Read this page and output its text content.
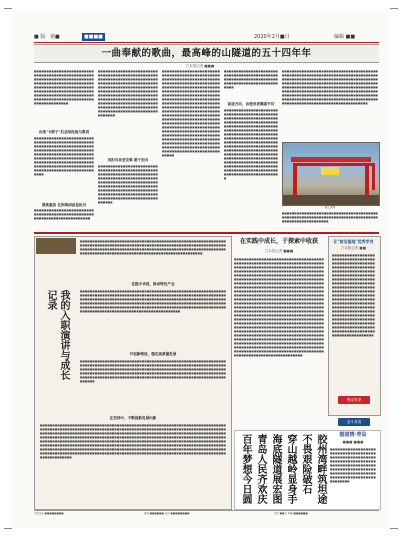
■ 版 第■	■■■■	2020年2月■日	编辑 ■■
一曲奉献的歌曲，最高峰的山隧道的五十四年年
□本报记者 ■■■
■■■■■■■■■■■■■■■■■■■■■■■■■■■■■■■■■■■■■■■■■■■■■■■■■■■■■■■■■■■■■■■■■■■■■■■■■■■■■■■■■■■■■■■■■■■■■■■■■■■■■■■■■■■■■■■■■■■■■■■■■■■■■■■■■■■■■■■■■■■■■■■■■■■■■■■■■■■■■■■■■■■■■■■■■■■■■■■■■■■■■■■■■■■■■■■■■■■■■■■■■■■■■■
出现"卡脖子"后总结经验与教训
■■■■■■■■■■■■■■■■■■■■■■■■■■■■■■■■■■■■■■■■■■■■■■■■■■■■■■■■■■■■■■■■■■■■■■■■■■■■■■■■■■■■■■■■■■■■■■■■■■■■■■■■■■■■■■■■■■■■■■■■■■■■■■■■■■■■■■■■■■■■■■■■■■■■■■■■■■■■■■■■■■■■■■■■■■■■■■■■■■■■■■■■■■■■■■■■■■■■■■■■■■■■■■■■■■■■■■■■■■■■
勇挑重担 在困难面前显担当
■■■■■■■■■■■■■■■■■■■■■■■■■■■■■■■■■■■■■■■■■■■■■■■■■■■■■■■■■■■■■■■■■■■■■■■
■■■■■■■■■■■■■■■■■■■■■■■■■■■■■■■■■■■■■■■■■■■■■■■■■■■■■■■■■■■■■■■■■■■■■■■■■■■■■■■■■■■■■■■■■■■■■■■■■■■■■■■■■■■■■■■■■■■■■■■■■■■■■■■■■■■■■■■■■■■■■■■■■■■■■■■■■■■■■■■■■■■■■■■■■■■■■■■■■■■■■■■■■■■■■■■■■■■■■■■■■■■■■■■■■■■■■■■■■■■■■■■■■■■■■■■■■■■■■■■■■■■■■■■■■■■■■■■■■■■■■■■■■■■■■■■
用担当攻坚克难 敢于担当
■■■■■■■■■■■■■■■■■■■■■■■■■■■■■■■■■■■■■■■■■■■■■■■■■■■■■■■■■■■■■■■■■■■■■■■■■■■■■■■■■■■■■■■■■■■■■■■■■■■■■■■■■■■■■■■■■■■■■■■■■■■■■■■■■■■■■■■■■■■■■■■■■■■■■■■■■■■■■■■■■■■■■■■■■■■■■■■■■■■■■■■■■■■■■■■■■■■■■■■■■■■■■■■■■■■■■■■■■■■■■■
■■■■■■■■■■■■■■■■■■■■■■■■■■■■■■■■■■■■■■■■■■■■■■■■■■■■■■■■■■■■■■■■■■■■■■■■■■■■■■■■■■■■■■■■■■■■■■■■■■■■■■■■■■■■■■■■■■■■■■■■■■■■■■■■■■■■■■■■■■■■■■■■■■■■■■■■■■■■■■■■■■■■■■■■■■■■■■■■■■■■■■■■■■■■■■■■■■■■■■■■■■■■■■■■■■■■■■■■■■■■■■■■■■■■■■■■■■■■■■■■■■■■■■■■■■■■■■■■■■■■■■■■■■■■■■■■■■■■■■■■■■■■■■■■■■■■■■■■■■■■■■■■■■■■■■■■■■■■■■■■■■■■■■■■■■■■■■■■■■■■■■■■■■■■■■■■■■■■■■■■■■■■■■■■■■■■■■■■■■■■■■■■■■■■■■■■■■■■■■■■■■■■■■■■■■■■■■■■■■■■■■■■■■■■■■■■■■■■■■■■■■■■■■■■■■■■■■■■■■■■■■■■■■■■■■■■■■■■■■■■■■■■■■■■
■■■■■■■■■■■■■■■■■■■■■■■■■■■■■■■■■■■■■■■■■■■■■■■■■■■■■■■■■■■■■■■■■■■■■■■■■■■■■■■■■■■■■■■■■■■■
前进方向，由使用者满意平均
■■■■■■■■■■■■■■■■■■■■■■■■■■■■■■■■■■■■■■■■■■■■■■■■■■■■■■■■■■■■■■■■■■■■■■■■■■■■■■■■■■■■■■■■■■■■■■■■■■■■■■■■■■■■■■■■■■■■■■■■■■■■■■■■■■■■■■■■■■■■■■■■■■■■■■■■■■■■■■■■■■■■■■■■■■■■■■■■■■■■■■■■■■■■■■■■■■■■■■■■■■■■■■■■■■■■■■■■■■■■■■■■■■■■■■■■■■■■■■■■■■■■■■■■■■■■■■■■■■■■■■■■■■■■■■■■■■■■■■■■■■■■■■■■■■■■■■■■■■■■■■■■■■■■■■■■■■■■■■■■■■■■■■■■■■■■■■■■■■■■■■■■■■■■■■■■■■■■■■■■■■■■■■■■■■■■■■■
■■■■■■■■■■■■■■■■■■■■■■■■■■■■■■■■■■■■■■■■■■■■■■■■■■■■■■■■■■■■■■■■■■■■■■■■■■■■■■■■■■■■■■■■■■■■■■■■■■■■■■■■■■■■■■■■■■■■■■■■■■■■■■■■■■■■■■■■■■■■■■■■■■■■■■■■■■■■■■■■■■■■■■■■■■■■■■■■■■■■■■■■■■■■■■■■■■■■■■■■■■■■■■■■■■■■■■■■■■■■■■■■■■■■■■■■■■■■■■■■■■■■■■■■■■■■■■■■■■■■■■■■■■■■■■■■■■■■■■■■■■■■■■■■■■■■■■■■■■■■■■■■■■■■■■■■■■■■■■■■■■■■■■■■■■■■■■■■■■■■■■■■■■■
施工现场
■■■■■■■■■■■■■■■■■■■■■■■■■■■■■■■■■■■■■■■■■■■■■■■■■■■■■■■■■■■■■■■■■■■■■■■■■■■■■■■■■■■■■■■■■■■■■■■■■
我的入职演讲与成长记录
■■■■■■■■■■■■■■■■■■■■■■■■■■■■■■■■■■■■■■■■■■■■■■■■■■■■■■■■■■■■■■■■■■■■■■■■■■■■■■■■■■■■■■■■■■■■■■■■■■■■■■■■■■■■■■■■■■■■■■■■■■■■■■■■■■■■■■■■■■■■■■■■■■■■■■■■■■■■■■■■■■■■■■■■■■■■■■■■■■■■■■■■■■■■■■■■■■■■■■■■■■■■■■■■■■■■■■■■■■■■■■■■■■■
在稳中求进，推动特色产业
■■■■■■■■■■■■■■■■■■■■■■■■■■■■■■■■■■■■■■■■■■■■■■■■■■■■■■■■■■■■■■■■■■■■■■■■■■■■■■■■■■■■■■■■■■■■■■■■■■■■■■■■■■■■■■■■■■■■■■■■■■■■■■■■■■■■■■■■■■■■■■■■■■■■■■■■■■■■■■■■■■■■■■■■■■■■■■■■■■■■■■■■■■■■■■■■■■■■■■■■■■■■■■■■■■■■■■■■■■■■■■■■■■■■■■■■■■■■■■■■■■■■■■■■■■■■■■■■■■■■■■■■■■■■■■■■■■■■■■■■■■■■■■■■■■■■■■■■■■■■■■■■■■■■■■■■■■■■■■■■■■■■■■■■■■■■■■■■
开创新格局，稳定高质量发展
■■■■■■■■■■■■■■■■■■■■■■■■■■■■■■■■■■■■■■■■■■■■■■■■■■■■■■■■■■■■■■■■■■■■■■■■■■■■■■■■■■■■■■■■■■■■■■■■■■■■■■■■■■■■■■■■■■■■■■■■■■■■■■■■■■■■■■■■■■■■■■■■■■■■■■■■■■■■■■■■■■■■■■■■■■■■■■■■■■■■■■■■■■■■■■■■■■■■■■■■■■■■■■■■■■■■■■■■■■■■■■■■■■■■■■■■■■■■■■■■■■■■■■■■■■■■■■■■■■■■■■■■■■■■■■■■■■■■■■■■■■■■■■■■■■■■■■■■■■■■■
在坚持中，不断创新发展出新
■■■■■■■■■■■■■■■■■■■■■■■■■■■■■■■■■■■■■■■■■■■■■■■■■■■■■■■■■■■■■■■■■■■■■■■■■■■■■■■■■■■■■■■■■■■■■■■■■■■■■■■■■■■■■■■■■■■■■■■■■■■■■■■■■■■■■■■■■■■■■■■■■■■■■■■■■■■■■■■■■■■■■■■■■■■■■■■■■■■■■■■■■■■■■■■■■■■■■■■■■■■■■■■■■■■■■■■■■■■■■■■■■■■■■■■■■■■■■■■■■■■■■■■■■■■■■■■■■■■■■■■■■■■■■■■■■■■■■■■■■■■■■■■■■■■■■■■■■■■■■■■■■■■■■■■■■■■■■■■■■■■■■■■■■■■■■■■■■■■■■■■■■■■■■■■■■■■■■■■■■■■■■■■■■■■■■■■■■■■■■■■■■■■■■■■■■■■■■■■■■■■■■■■■■■■■■■■■■■■■■■■■■■■■■■■■■■■■■■■■■■■■■■■■■■■■■■■■■■■■■■■■■■■■■■■■■■■■■■■■■■■■■■■■■■■■■■■■■■■■■■■■■■■■■■■■■■■■■■■■■■■■■■■■■■■■■■■■■■■■■■■■■■■■■■■■■■■■■■■■■■■■■■■■■■■■■■■■■■■■■■■■■■■■■■■■■■■■■■■■■■■■■■■■■■■■■
在实践中成长，于探索中收获
□本报记者 ■■■
■■■■■■■■■■■■■■■■■■■■■■■■■■■■■■■■■■■■■■■■■■■■■■■■■■■■■■■■■■■■■■■■■■■■■■■■■■■■■■■■■■■■■■■■■■■■■■■■■■■■■■■■■■■■■■■■■■■■■■■■■■■■■■■■■■■■■■■■■■■■■■■■■■■■■■■■■■■■■■■■■■■■■■■■■■■■■■■■■■■■■■■■■■■■■■■■■■■■■■■■■■■■■■■■■■■■■■■■■■■■■■■■■■■■■■■■■■■■■■■■■■■■■■■■■■■■■■■■■■■■■■■■■■■■■■■■■■■■■■■■■■■■■■■■■■■■■■■■■■■■■■■■■■■■■■■■■■■■■■■■■■■■■■■■■■■■■■■■■■■■■■■■■■■■■■■■■■■■■■■■■■■■■■■■■■■■■■■■■■■■■■■■■■■■■■■■■■■■■■■■■■■■■■■■■■■■■■■■■■■■■■■■■■■■■■■■■■■■■■■■■■■■■■■■■■■■■■■■■■■■■■■■■■■■■■■■■■■■■■■■■■■■■■■■■■■■■■■■■■■■■■■■■■■■■■■■■■■■■■■■■■■■■■■■■■■■■■■■■■■■■■■■■■■■■■■■■■■■■■■■■■■■■■■■■■■■■■■■■■■■■■■■■■■■■■■■■■■■■■■■■■■■■■■■■■■■■■■■■■■■■■■■■■■■■■■■■■■■■■■■■■■■■■■■■■■■■■■■■■■■■■■■■■■■■■■■■■■■■■■■■■■■■■■■■■■■■■■■■■■■■■■■■■■■■■■■■■■■■■■■■■■■■■■■■■■■■■■■■■■■■■■■■■■■■■■■■■■■■■■■■■■■■■■■■■■■■■■■■■■■■■■■■■■■■■■■■■■■■■■■■■■■■■■■■■■■■■■■■■■■■■■■■■■■■■■■■■■■■■■■■■■■■■■■■■■■■■■■■■■■■■■■■■■■■■■■■■■■■■■■■■■■■■■■■■■■
让"前沿基地"优秀学员
□本报记者 ■■
■■■■■■■■■■■■■■■■■■■■■■■■■■■■■■■■■■■■■■■■■■■■■■■■■■■■■■■■■■■■■■■■■■■■■■■■■■■■■■■■■■■■■■■■■■■■■■■■■■■■■■■■■■■■■■■■■■■■■■■■■■■■■■■■■■■■■■■■■■■■■■■■■■■■■■■■■■■■■■■■■■■■■■■■■■■■■■■■■■■■■■■■■■■■■■■■■■■■■■■■■■■■■■■■■■■■■■■■■■■■■■■■■■■■■■■■■■■■■■■■■■■■■■■■■■■■■■■■■■■■■■■■■■■■■■■■■■■■■■■■■■■■■■■■■■■■■■■■■■■■■■■■■■■■■■■■■■■■■■■■■■■■■■■■■■■■■■■■■■■■■■■■■■■■■■■■■■■■■
保定风采
奋斗青春
隧道情·青岛
■■■ ■■■
胶州湾畔筑坦途
不畏艰险破石
穿山越岭显身手
海底隧道展宏图
青岛人民齐欢庆
百年梦想今日圆	■■■■■■■■■■■■■■■■■■■■■■■■■■■■■■■■■■■■■■■■■■■■■■■■■■■■■■■■■■■■■■■■■■■■■■■■■■■■■■■■■■■■■■■■■■■■■■■■■■■■■■■■■■■■■■■■■■■■■■■■■■■■■■■■■■■■■■■■■■■■■■■■■■■■■■■■
本报地址 ■■■■■■■■	邮编 ■■■■■■ 电话 ■■■■■■■■	定价 ■■元 印刷 ■■■■■■
